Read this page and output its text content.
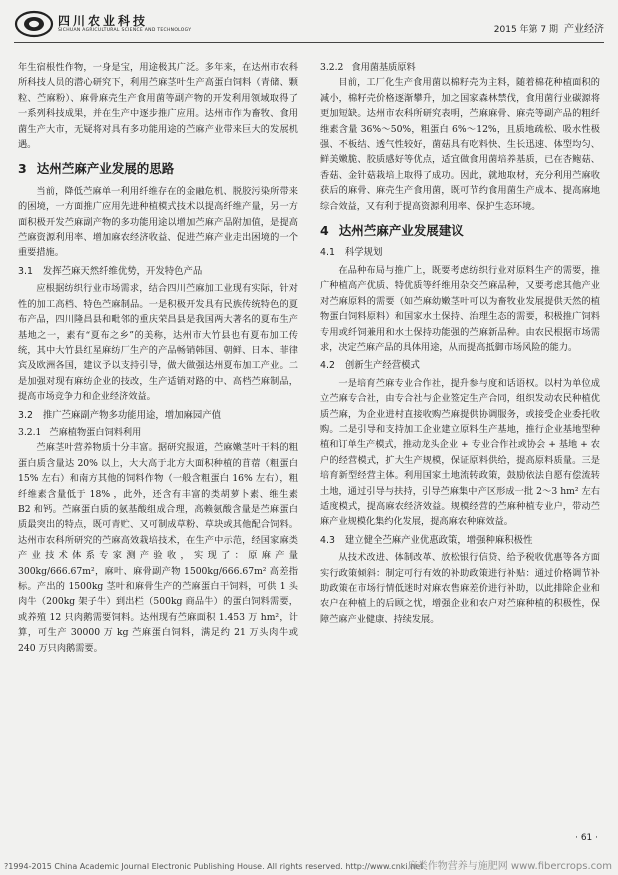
四川农业科技
SICHUAN AGRICULTURAL SCIENCE AND TECHNOLOGY	2015 年第 7 期 产业经济

年生宿根性作物，一身是宝，用途极其广泛。多年来，在达州市农科所科技人员的潜心研究下，利用苎麻茎叶生产高蛋白饲料（青储、颗粒、苎麻粉）、麻骨麻壳生产食用菌等副产物的开发利用领域取得了一系列科技成果，并在生产中逐步推广应用。达州市作为畜牧、食用菌生产大市，无疑将对具有多功能用途的苎麻产业带来巨大的发展机遇。

3 达州苎麻产业发展的思路

当前，降低苎麻单一利用纤维存在的金融危机、脱胶污染所带来的困境，一方面推广应用先进种植模式技术以提高纤维产量，另一方面积极开发苎麻副产物的多功能用途以增加苎麻产品附加值，是提高苎麻资源利用率、增加麻农经济收益、促进苎麻产业走出困境的一个重要措施。

3.1 发挥苎麻天然纤维优势，开发特色产品

应根据纺织行业市场需求，结合四川苎麻加工业现有实际，针对性的加工高档、特色苎麻制品。一是积极开发具有民族传统特色的夏布产品，四川隆昌县和毗邻的重庆荣昌县是我国两大著名的夏布生产基地之一，素有“夏布之乡”的美称，达州市大竹县也有夏布加工传统，其中大竹县红星麻纺厂生产的产品畅销韩国、朝鲜、日本、菲律宾及欧洲各国，建议予以支持引导，做大做强达州夏布加工产业。二是加强对现有麻纺企业的技改，生产适销对路的中、高档苎麻制品，提高市场竞争力和企业经济效益。

3.2 推广苎麻副产物多功能用途，增加麻园产值
3.2.1 苎麻植物蛋白饲料利用

苎麻茎叶营养物质十分丰富。据研究报道，苎麻嫩茎叶干料的粗蛋白质含量达 20% 以上，大大高于北方大面积种植的苜蓿（粗蛋白 15% 左右）和南方其他的饲料作物（一般含粗蛋白 16% 左右），粗纤维素含量低于 18% ，此外，还含有丰富的类胡萝卜素、维生素 B2 和钙。苎麻蛋白质的氨基酸组成合理，高赖氨酸含量是苎麻蛋白质最突出的特点，既可青贮、又可制成草粉、草块或其他配合饲料。达州市农科所研究的苎麻高效栽培技术，在生产中示范，经国家麻类产业技术体系专家测产验收，实现了：原麻产量 300kg/666.67m²，麻叶、麻骨副产物 1500kg/666.67m² 高差指标。产出的 1500kg 茎叶和麻骨生产的苎麻蛋白干饲料，可供 1 头肉牛（200kg 架子牛）到出栏（500kg 商品牛）的蛋白饲料需要，或养殖 12 只肉鹅需要饲料。达州现有苎麻面积 1.453 万 hm²，计算，可生产 30000 万 kg 苎麻蛋白饲料，满足约 21 万头肉牛或 240 万只肉鹅需要。

3.2.2 食用菌基质原料

目前，工厂化生产食用菌以棉籽壳为主料，随着棉花种植面积的减小，棉籽壳价格逐渐攀升，加之国家森林禁伐，食用菌行业碳源将更加短缺。达州市农科所研究表明，苎麻麻骨、麻壳等副产品的粗纤维素含量 36%～50%，粗蛋白 6%～12%，且质地疏松、吸水性极强、不板结、透气性较好，菌菇具有吃料快、生长迅速、体型均匀、鲜美嫩脆、胶质感好等优点，适宜做食用菌培养基质，已在杏鲍菇、香菇、金针菇栽培上取得了成功。因此，就地取材，充分利用苎麻收获后的麻骨、麻壳生产食用菌，既可节约食用菌生产成本、提高麻地综合效益，又有利于提高资源利用率、保护生态环境。

4 达州苎麻产业发展建议
4.1 科学规划

在品种布局与推广上，既要考虑纺织行业对原料生产的需要，推广种植高产优质、特优质等纤维用杂交苎麻品种，又要考虑其他产业对苎麻原料的需要（如苎麻幼嫩茎叶可以为畜牧业发展提供天然的植物蛋白饲料原料）和国家水土保持、治理生态的需要，积极推广饲料专用或纤饲兼用和水土保持功能强的苎麻新品种。由农民根据市场需求，决定苎麻产品的具体用途，从而提高抵御市场风险的能力。

4.2 创新生产经营模式

一是培育苎麻专业合作社，提升参与度和话语权。以村为单位成立苎麻专合社，由专合社与企业签定生产合同，组织发动农民种植优质苎麻，为企业进村直接收购苎麻提供协调服务，或接受企业委托收购。二是引导和支持加工企业建立原料生产基地，推行企业基地型种植和订单生产模式，推动龙头企业 + 专业合作社或协会 + 基地 + 农户的经营模式，扩大生产规模，保证原料供给，提高原料质量。三是培育新型经营主体。利用国家土地流转政策，鼓励依法自愿有偿流转土地，通过引导与扶持，引导苎麻集中产区形成一批 2～3 hm² 左右适度模式，提高麻农经济效益。规模经营的苎麻种植专业户，带动苎麻产业规模化集约化发展，提高麻农种麻效益。

4.3 建立健全苎麻产业优惠政策，增强种麻积极性

从技术改进、体制改革、放松银行信贷、给予税收优惠等各方面实行政策倾斜：制定可行有效的补助政策进行补贴：通过价格调节补助政策在市场行情低迷时对麻农售麻差价进行补助，以此排除企业和农户在种植上的后顾之忧，增强企业和农户对苎麻种植的积极性，保障苎麻产业健康、持续发展。

· 61 ·
?1994-2015 China Academic Journal Electronic Publishing House. All rights reserved. http://www.cnki.net
麻类作物营养与施肥网 www.fibercrops.com
